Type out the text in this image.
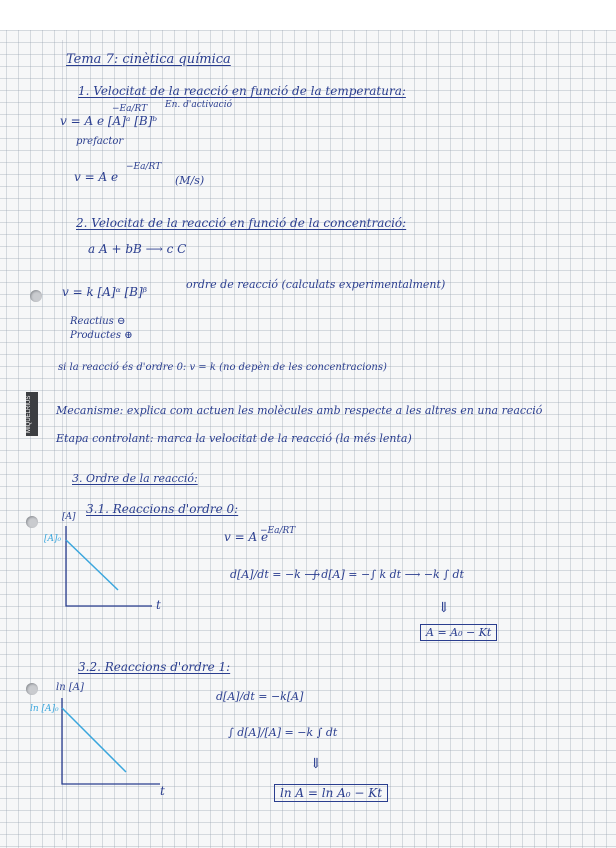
MIQUELRIUS
Tema 7: cinètica química
1. Velocitat de la reacció en funció de la temperatura:
En. d'activació
v = A e [A]ᵃ [B]ᵇ
−Ea/RT
prefactor
v = A e
−Ea/RT
(M/s)
2. Velocitat de la reacció en funció de la concentració:
a A + bB ⟶ c C
v = k [A]ᵅ [B]ᵝ
ordre de reacció (calculats experimentalment)
Reactius ⊖
Productes ⊕
si la reacció és d'ordre 0: v = k (no depèn de les concentracions)
Mecanisme: explica com actuen les molècules amb respecte a les altres en una reacció
Etapa controlant: marca la velocitat de la reacció (la més lenta)
3. Ordre de la reacció:
3.1. Reaccions d'ordre 0:
[A]
[A]₀
t
v = A e
−Ea/RT
d[A]/dt = −k ⟶
∫ d[A] = −∫ k dt ⟶ −k ∫ dt
⇓
A = A₀ − Kt
3.2. Reaccions d'ordre 1:
ln [A]
ln [A]₀
t
d[A]/dt = −k[A]
∫ d[A]/[A] = −k ∫ dt
⇓
ln A = ln A₀ − Kt
